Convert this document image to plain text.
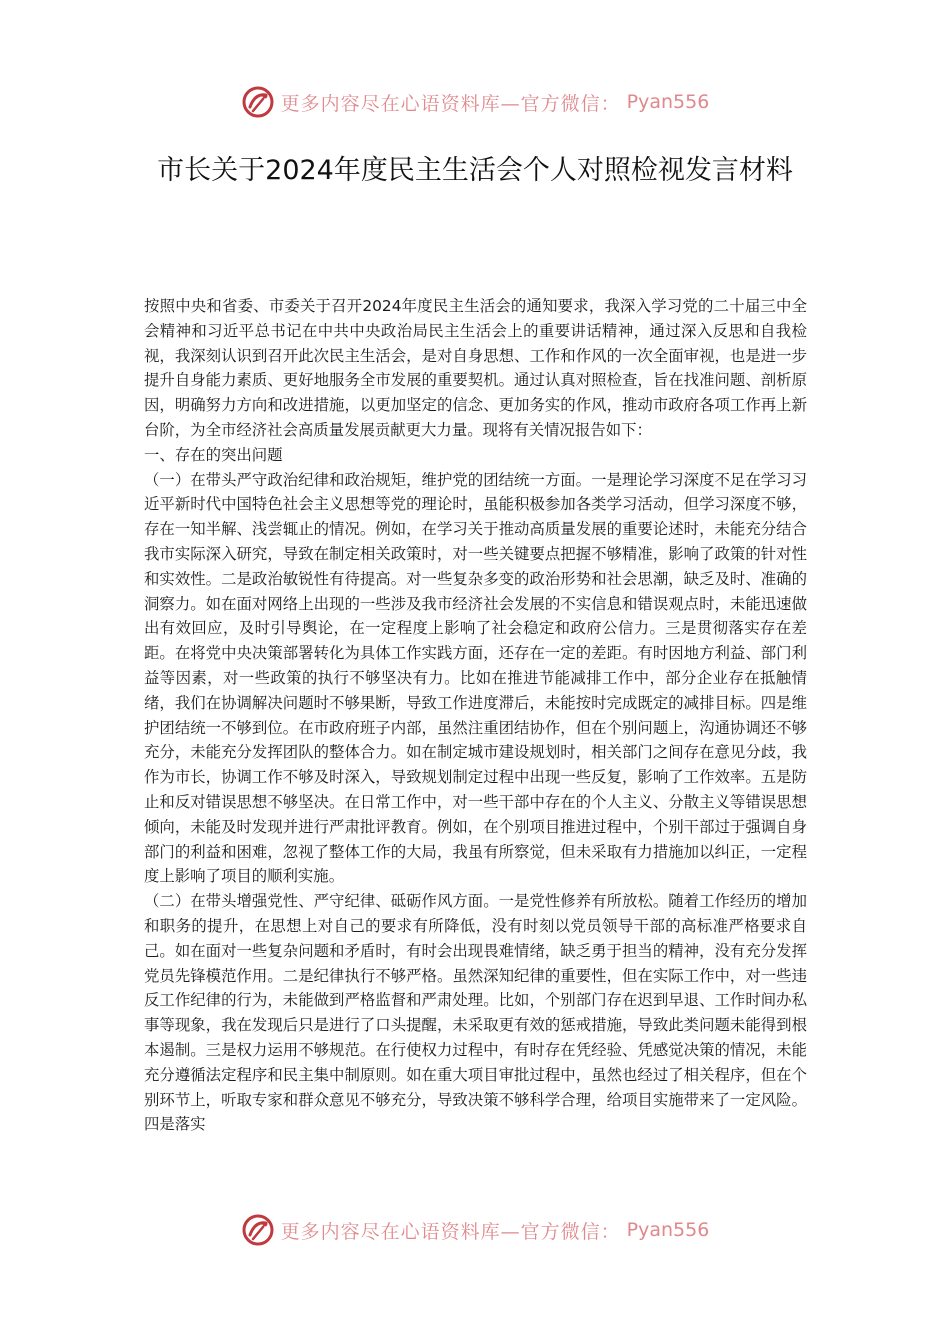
更多内容尽在心语资料库—官方微信： Pyan556
市长关于2024年度民主生活会个人对照检视发言材料

按照中央和省委、市委关于召开2024年度民主生活会的通知要求，我深入学习党的二十届三中全会精神和习近平总书记在中共中央政治局民主生活会上的重要讲话精神，通过深入反思和自我检视，我深刻认识到召开此次民主生活会，是对自身思想、工作和作风的一次全面审视，也是进一步提升自身能力素质、更好地服务全市发展的重要契机。通过认真对照检查，旨在找准问题、剖析原因，明确努力方向和改进措施，以更加坚定的信念、更加务实的作风，推动市政府各项工作再上新台阶，为全市经济社会高质量发展贡献更大力量。现将有关情况报告如下：

一、存在的突出问题

（一）在带头严守政治纪律和政治规矩，维护党的团结统一方面。一是理论学习深度不足在学习习近平新时代中国特色社会主义思想等党的理论时，虽能积极参加各类学习活动，但学习深度不够，存在一知半解、浅尝辄止的情况。例如，在学习关于推动高质量发展的重要论述时，未能充分结合我市实际深入研究，导致在制定相关政策时，对一些关键要点把握不够精准，影响了政策的针对性和实效性。二是政治敏锐性有待提高。对一些复杂多变的政治形势和社会思潮，缺乏及时、准确的洞察力。如在面对网络上出现的一些涉及我市经济社会发展的不实信息和错误观点时，未能迅速做出有效回应，及时引导舆论，在一定程度上影响了社会稳定和政府公信力。三是贯彻落实存在差距。在将党中央决策部署转化为具体工作实践方面，还存在一定的差距。有时因地方利益、部门利益等因素，对一些政策的执行不够坚决有力。比如在推进节能减排工作中，部分企业存在抵触情绪，我们在协调解决问题时不够果断，导致工作进度滞后，未能按时完成既定的减排目标。四是维护团结统一不够到位。在市政府班子内部，虽然注重团结协作，但在个别问题上，沟通协调还不够充分，未能充分发挥团队的整体合力。如在制定城市建设规划时，相关部门之间存在意见分歧，我作为市长，协调工作不够及时深入，导致规划制定过程中出现一些反复，影响了工作效率。五是防止和反对错误思想不够坚决。在日常工作中，对一些干部中存在的个人主义、分散主义等错误思想倾向，未能及时发现并进行严肃批评教育。例如，在个别项目推进过程中，个别干部过于强调自身部门的利益和困难，忽视了整体工作的大局，我虽有所察觉，但未采取有力措施加以纠正，一定程度上影响了项目的顺利实施。

（二）在带头增强党性、严守纪律、砥砺作风方面。一是党性修养有所放松。随着工作经历的增加和职务的提升，在思想上对自己的要求有所降低，没有时刻以党员领导干部的高标准严格要求自己。如在面对一些复杂问题和矛盾时，有时会出现畏难情绪，缺乏勇于担当的精神，没有充分发挥党员先锋模范作用。二是纪律执行不够严格。虽然深知纪律的重要性，但在实际工作中，对一些违反工作纪律的行为，未能做到严格监督和严肃处理。比如，个别部门存在迟到早退、工作时间办私事等现象，我在发现后只是进行了口头提醒，未采取更有效的惩戒措施，导致此类问题未能得到根本遏制。三是权力运用不够规范。在行使权力过程中，有时存在凭经验、凭感觉决策的情况，未能充分遵循法定程序和民主集中制原则。如在重大项目审批过程中，虽然也经过了相关程序，但在个别环节上，听取专家和群众意见不够充分，导致决策不够科学合理，给项目实施带来了一定风险。四是落实

更多内容尽在心语资料库—官方微信： Pyan556
